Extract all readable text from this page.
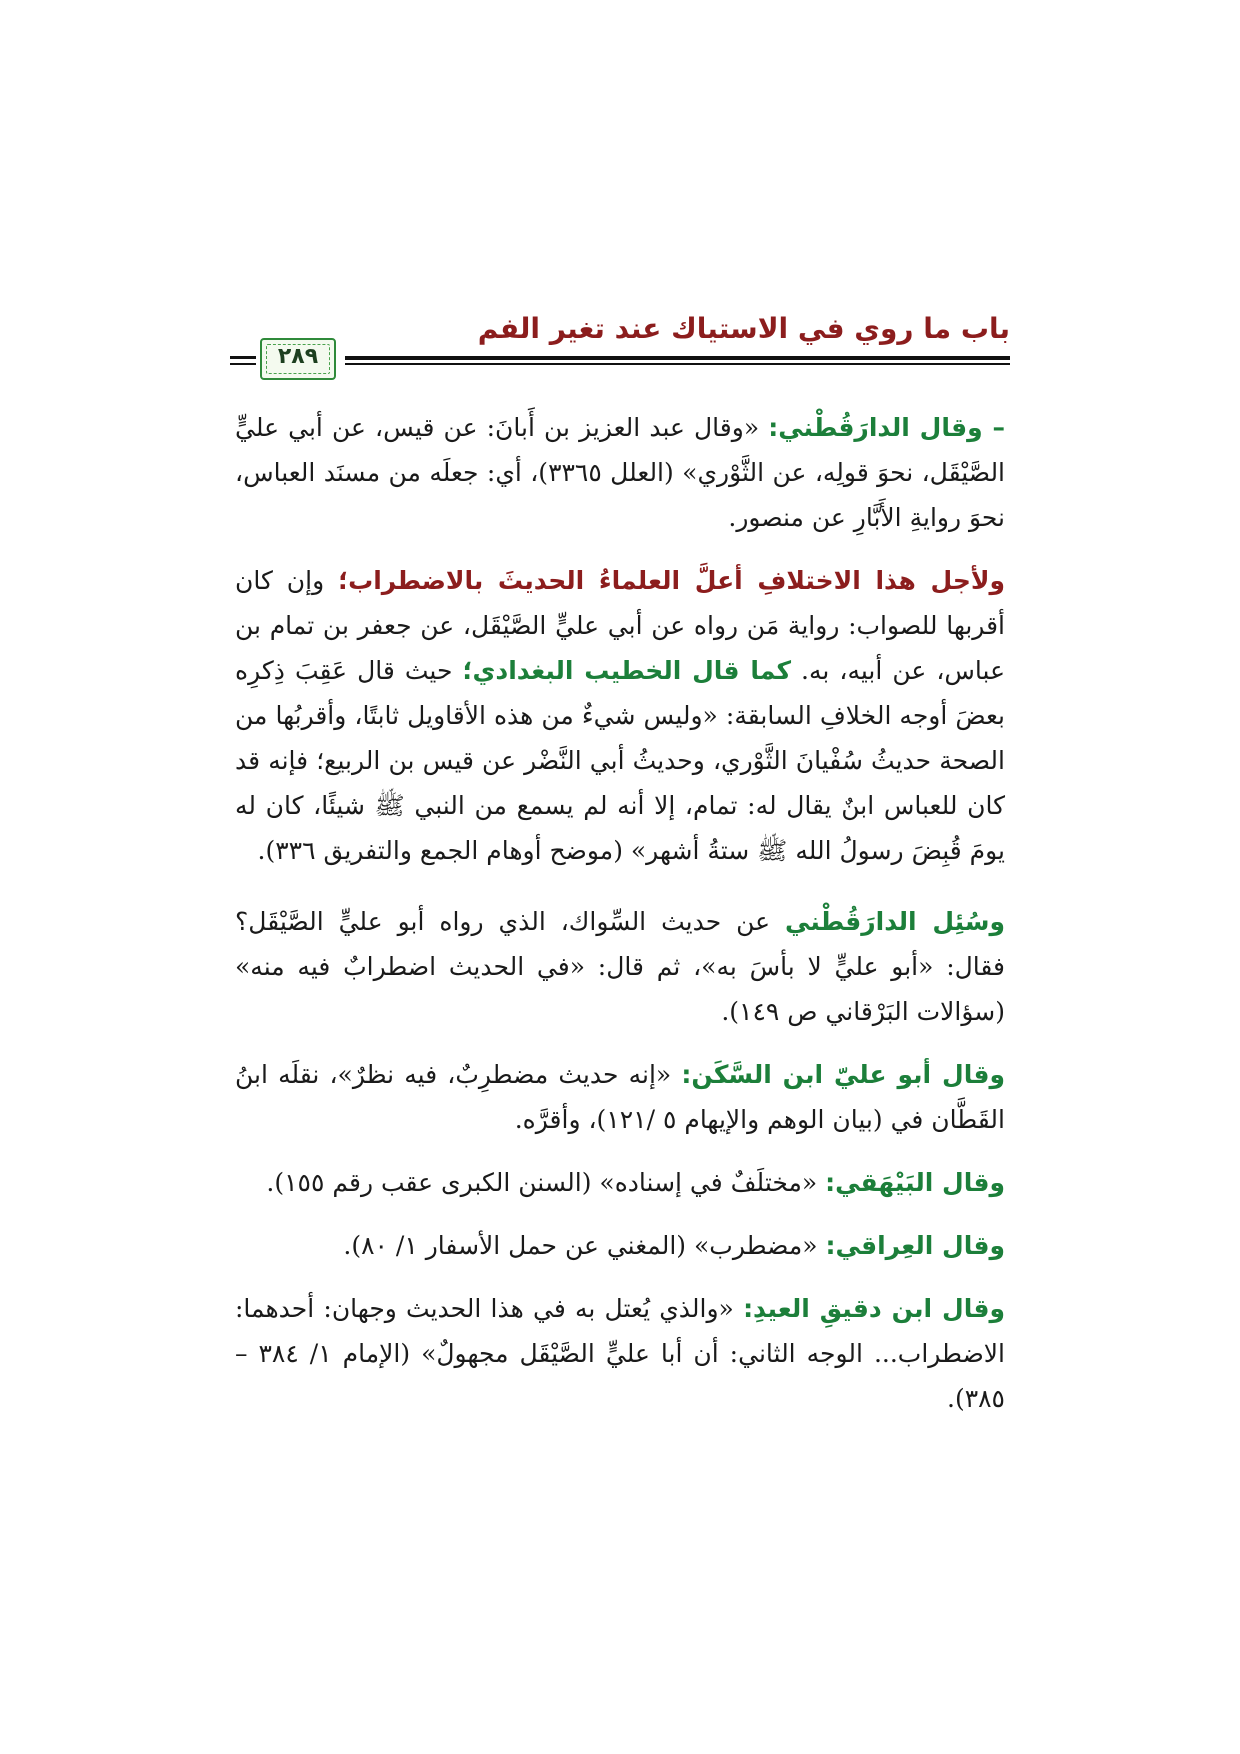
باب ما روي في الاستياك عند تغير الفم
٢٨٩

– وقال الدارَقُطْني: «وقال عبد العزيز بن أَبانَ: عن قيس، عن أبي عليٍّ الصَّيْقَل، نحوَ قولِه، عن الثَّوْري» (العلل ٣٣٦٥)، أي: جعلَه من مسنَد العباس، نحوَ روايةِ الأَبَّارِ عن منصور.

ولأجل هذا الاختلافِ أعلَّ العلماءُ الحديثَ بالاضطراب؛ وإن كان أقربها للصواب: رواية مَن رواه عن أبي عليٍّ الصَّيْقَل، عن جعفر بن تمام بن عباس، عن أبيه، به. كما قال الخطيب البغدادي؛ حيث قال عَقِبَ ذِكرِه بعضَ أوجه الخلافِ السابقة: «وليس شيءٌ من هذه الأقاويل ثابتًا، وأقربُها من الصحة حديثُ سُفْيانَ الثَّوْري، وحديثُ أبي النَّضْر عن قيس بن الربيع؛ فإنه قد كان للعباس ابنٌ يقال له: تمام، إلا أنه لم يسمع من النبي ﷺ شيئًا، كان له يومَ قُبِضَ رسولُ الله ﷺ ستةُ أشهر» (موضح أوهام الجمع والتفريق ٣٣٦).

وسُئِل الدارَقُطْني عن حديث السِّواك، الذي رواه أبو عليٍّ الصَّيْقَل؟ فقال: «أبو عليٍّ لا بأسَ به»، ثم قال: «في الحديث اضطرابٌ فيه منه» (سؤالات البَرْقاني ص ١٤٩).

وقال أبو عليّ ابن السَّكَن: «إنه حديث مضطرِبٌ، فيه نظرٌ»، نقلَه ابنُ القَطَّان في (بيان الوهم والإيهام ٥ /١٢١)، وأقرَّه.

وقال البَيْهَقي: «مختلَفٌ في إسناده» (السنن الكبرى عقب رقم ١٥٥).

وقال العِراقي: «مضطرب» (المغني عن حمل الأسفار ١/ ٨٠).

وقال ابن دقيقِ العيدِ: «والذي يُعتل به في هذا الحديث وجهان: أحدهما: الاضطراب... الوجه الثاني: أن أبا عليٍّ الصَّيْقَل مجهولٌ» (الإمام ١/ ٣٨٤ – ٣٨٥).
